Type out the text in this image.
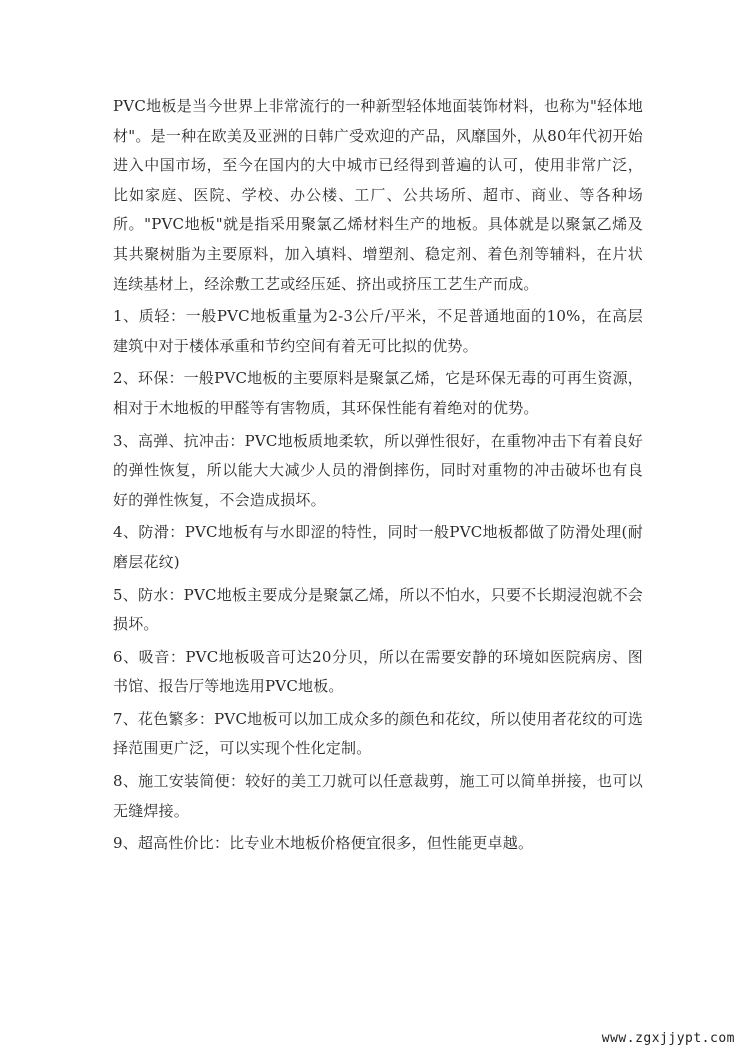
PVC地板是当今世界上非常流行的一种新型轻体地面装饰材料，也称为"轻体地材"。是一种在欧美及亚洲的日韩广受欢迎的产品，风靡国外，从80年代初开始进入中国市场，至今在国内的大中城市已经得到普遍的认可，使用非常广泛，比如家庭、医院、学校、办公楼、工厂、公共场所、超市、商业、等各种场所。"PVC地板"就是指采用聚氯乙烯材料生产的地板。具体就是以聚氯乙烯及其共聚树脂为主要原料，加入填料、增塑剂、稳定剂、着色剂等辅料，在片状连续基材上，经涂敷工艺或经压延、挤出或挤压工艺生产而成。

1、质轻：一般PVC地板重量为2-3公斤/平米，不足普通地面的10%，在高层建筑中对于楼体承重和节约空间有着无可比拟的优势。

2、环保：一般PVC地板的主要原料是聚氯乙烯，它是环保无毒的可再生资源，相对于木地板的甲醛等有害物质，其环保性能有着绝对的优势。

3、高弹、抗冲击：PVC地板质地柔软，所以弹性很好，在重物冲击下有着良好的弹性恢复，所以能大大减少人员的滑倒摔伤，同时对重物的冲击破坏也有良好的弹性恢复，不会造成损坏。

4、防滑：PVC地板有与水即涩的特性，同时一般PVC地板都做了防滑处理(耐磨层花纹)

5、防水：PVC地板主要成分是聚氯乙烯，所以不怕水，只要不长期浸泡就不会损坏。

6、吸音：PVC地板吸音可达20分贝，所以在需要安静的环境如医院病房、图书馆、报告厅等地选用PVC地板。

7、花色繁多：PVC地板可以加工成众多的颜色和花纹，所以使用者花纹的可选择范围更广泛，可以实现个性化定制。

8、施工安装简便：较好的美工刀就可以任意裁剪，施工可以简单拼接，也可以无缝焊接。

9、超高性价比：比专业木地板价格便宜很多，但性能更卓越。

www.zgxjjypt.com
